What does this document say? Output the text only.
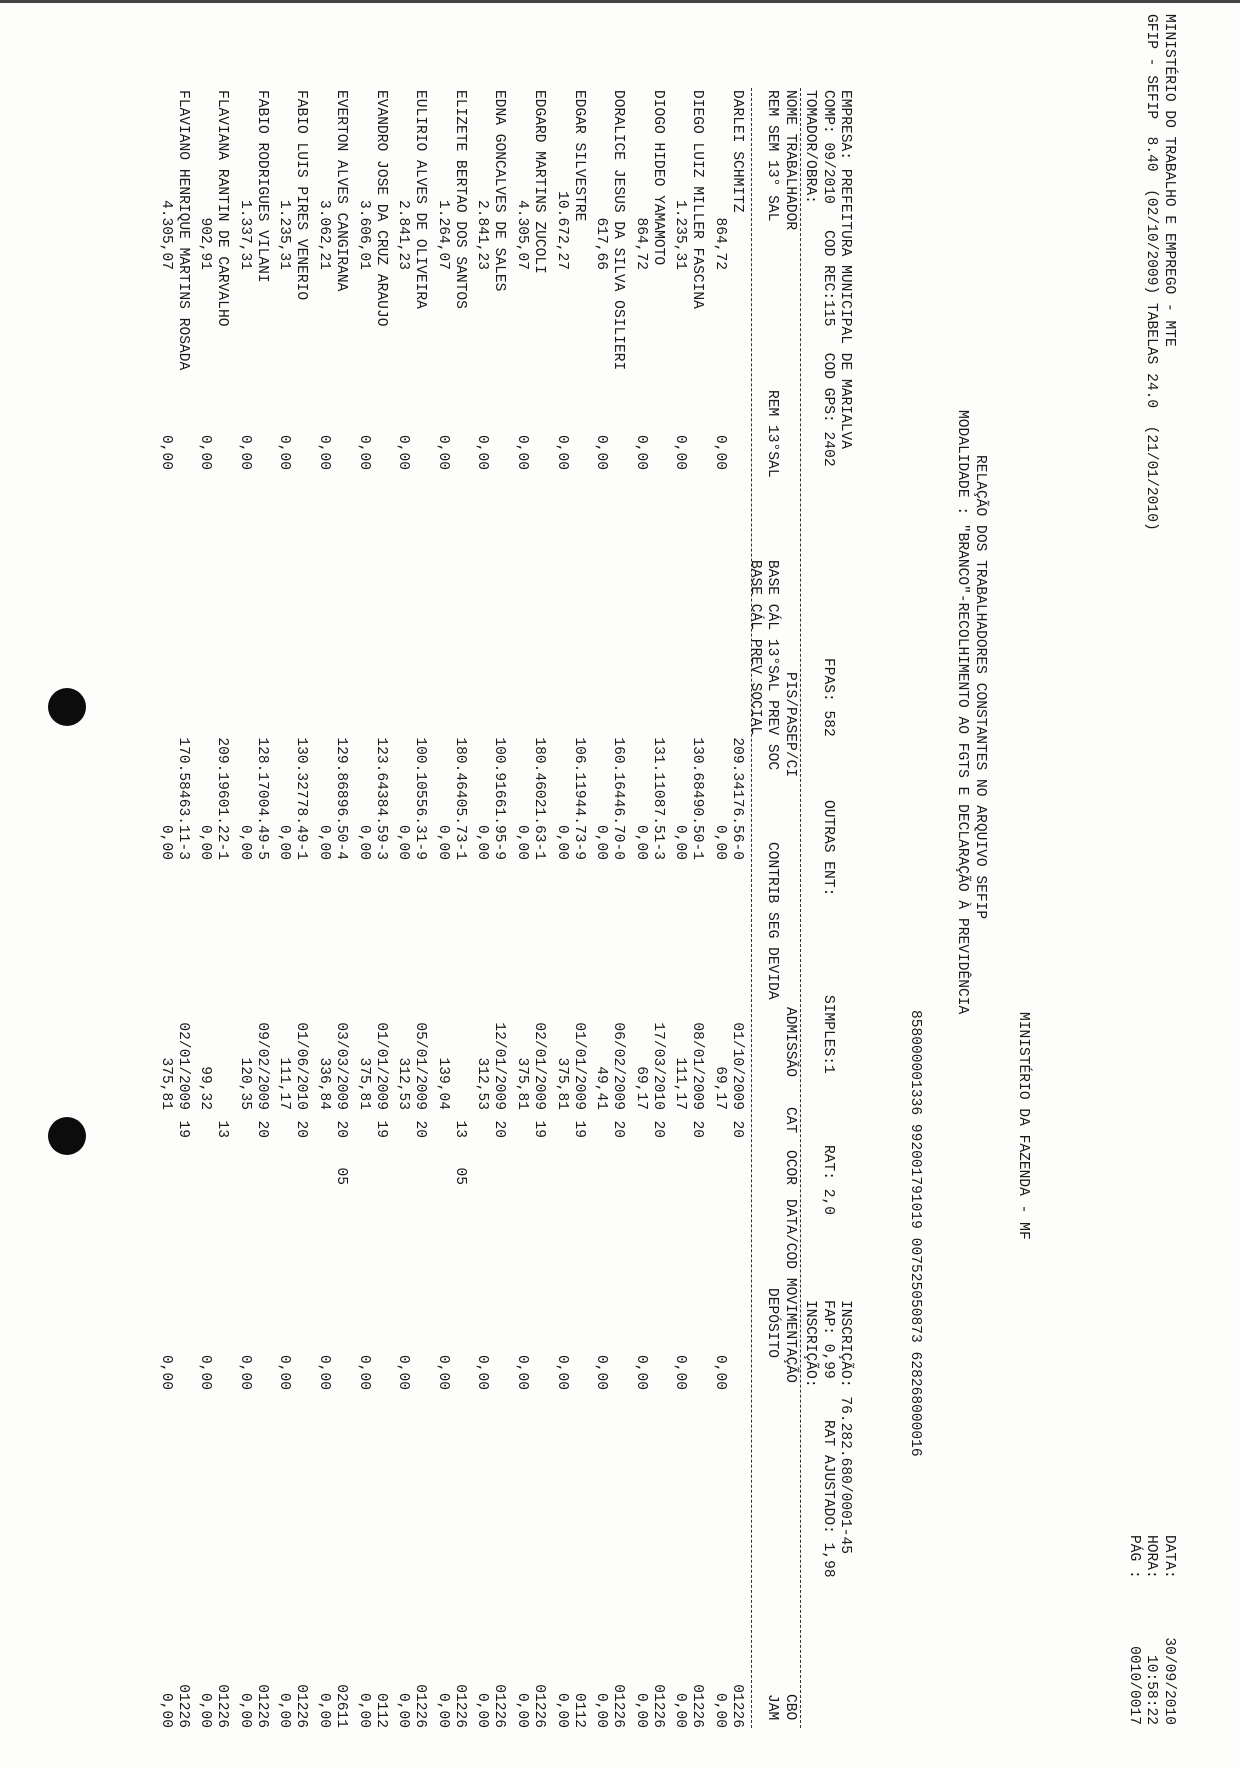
MINISTÉRIO DO TRABALHO E EMPREGO - MTE
GFIP - SEFIP  8.40  (02/10/2009) TABELAS 24.0  (21/01/2010)
MINISTÉRIO DA FAZENDA - MF
DATA:
30/09/2010
HORA:
10:58:22
PÁG :
0010/0017
RELAÇÃO DOS TRABALHADORES CONSTANTES NO ARQUIVO SEFIP
MODALIDADE : "BRANCO"-RECOLHIMENTO AO FGTS E DECLARAÇÃO À PREVIDÊNCIA
858000001336 992001791019 007525050873 628268000016
EMPRESA: PREFEITURA MUNICIPAL DE MARIALVA
INSCRIÇÃO: 76.282.680/0001-45
COMP: 09/2010   COD REC:115   COD GPS: 2402
FPAS: 582
OUTRAS ENT:
SIMPLES:1
RAT: 2,0
FAP: 0,99
RAT AJUSTADO: 1,98
TOMADOR/OBRA:
INSCRIÇÃO:
NOME TRABALHADOR
PIS/PASEP/CI
ADMISSÃO
CAT
OCOR
DATA/COD MOVIMENTAÇÃO
CBO
REM SEM 13° SAL
REM 13°SAL
BASE CÁL 13°SAL PREV SOC
CONTRIB SEG DEVIDA
DEPÓSITO
JAM
BASE CÁL PREV SOCIAL
DARLEI SCHMITZ
209.34176.56-0
01/10/2009
20
01226
864,72
0,00
0,00
69,17
0,00
0,00
DIEGO LUIZ MILLER FASCINA
130.68490.50-1
08/01/2009
20
01226
1.235,31
0,00
0,00
111,17
0,00
0,00
DIOGO HIDEO YAMAMOTO
131.11087.51-3
17/03/2010
20
01226
864,72
0,00
0,00
69,17
0,00
0,00
DORALICE JESUS DA SILVA OSILIERI
160.16446.70-0
06/02/2009
20
01226
617,66
0,00
0,00
49,41
0,00
0,00
EDGAR SILVESTRE
106.11944.73-9
01/01/2009
19
0112
10.672,27
0,00
0,00
375,81
0,00
0,00
EDGARD MARTINS ZUCOLI
180.46021.63-1
02/01/2009
19
01226
4.305,07
0,00
0,00
375,81
0,00
0,00
EDNA GONCALVES DE SALES
100.91661.95-9
12/01/2009
20
01226
2.841,23
0,00
0,00
312,53
0,00
0,00
ELIZETE BERTAO DOS SANTOS
180.46405.73-1
13
05
01226
1.264,07
0,00
0,00
139,04
0,00
0,00
EULIRIO ALVES DE OLIVEIRA
100.10556.31-9
05/01/2009
20
01226
2.841,23
0,00
0,00
312,53
0,00
0,00
EVANDRO JOSE DA CRUZ ARAUJO
123.64384.59-3
01/01/2009
19
0112
3.606,01
0,00
0,00
375,81
0,00
0,00
EVERTON ALVES CANGIRANA
129.86896.50-4
03/03/2009
20
05
02611
3.062,21
0,00
0,00
336,84
0,00
0,00
FABIO LUIS PIRES VENERIO
130.32778.49-1
01/06/2010
20
01226
1.235,31
0,00
0,00
111,17
0,00
0,00
FABIO RODRIGUES VILANI
128.17004.49-5
09/02/2009
20
01226
1.337,31
0,00
0,00
120,35
0,00
0,00
FLAVIANA RANTIN DE CARVALHO
209.19601.22-1
13
01226
902,91
0,00
0,00
99,32
0,00
0,00
FLAVIANO HENRIQUE MARTINS ROSADA
170.58463.11-3
02/01/2009
19
01226
4.305,07
0,00
0,00
375,81
0,00
0,00
